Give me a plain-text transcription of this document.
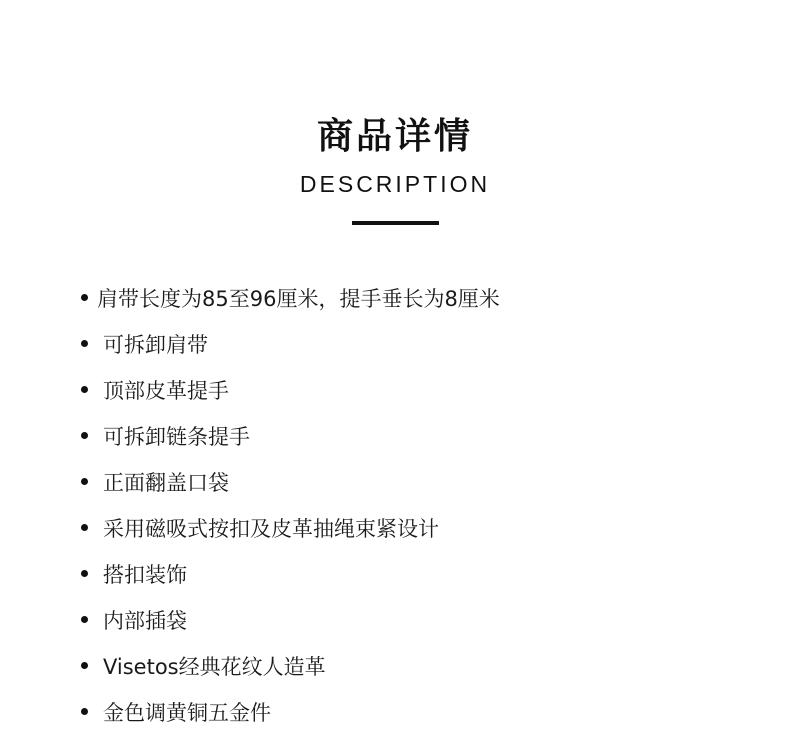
商品详情
DESCRIPTION
肩带长度为85至96厘米，提手垂长为8厘米
可拆卸肩带
顶部皮革提手
可拆卸链条提手
正面翻盖口袋
采用磁吸式按扣及皮革抽绳束紧设计
搭扣装饰
内部插袋
Visetos经典花纹人造革
金色调黄铜五金件
